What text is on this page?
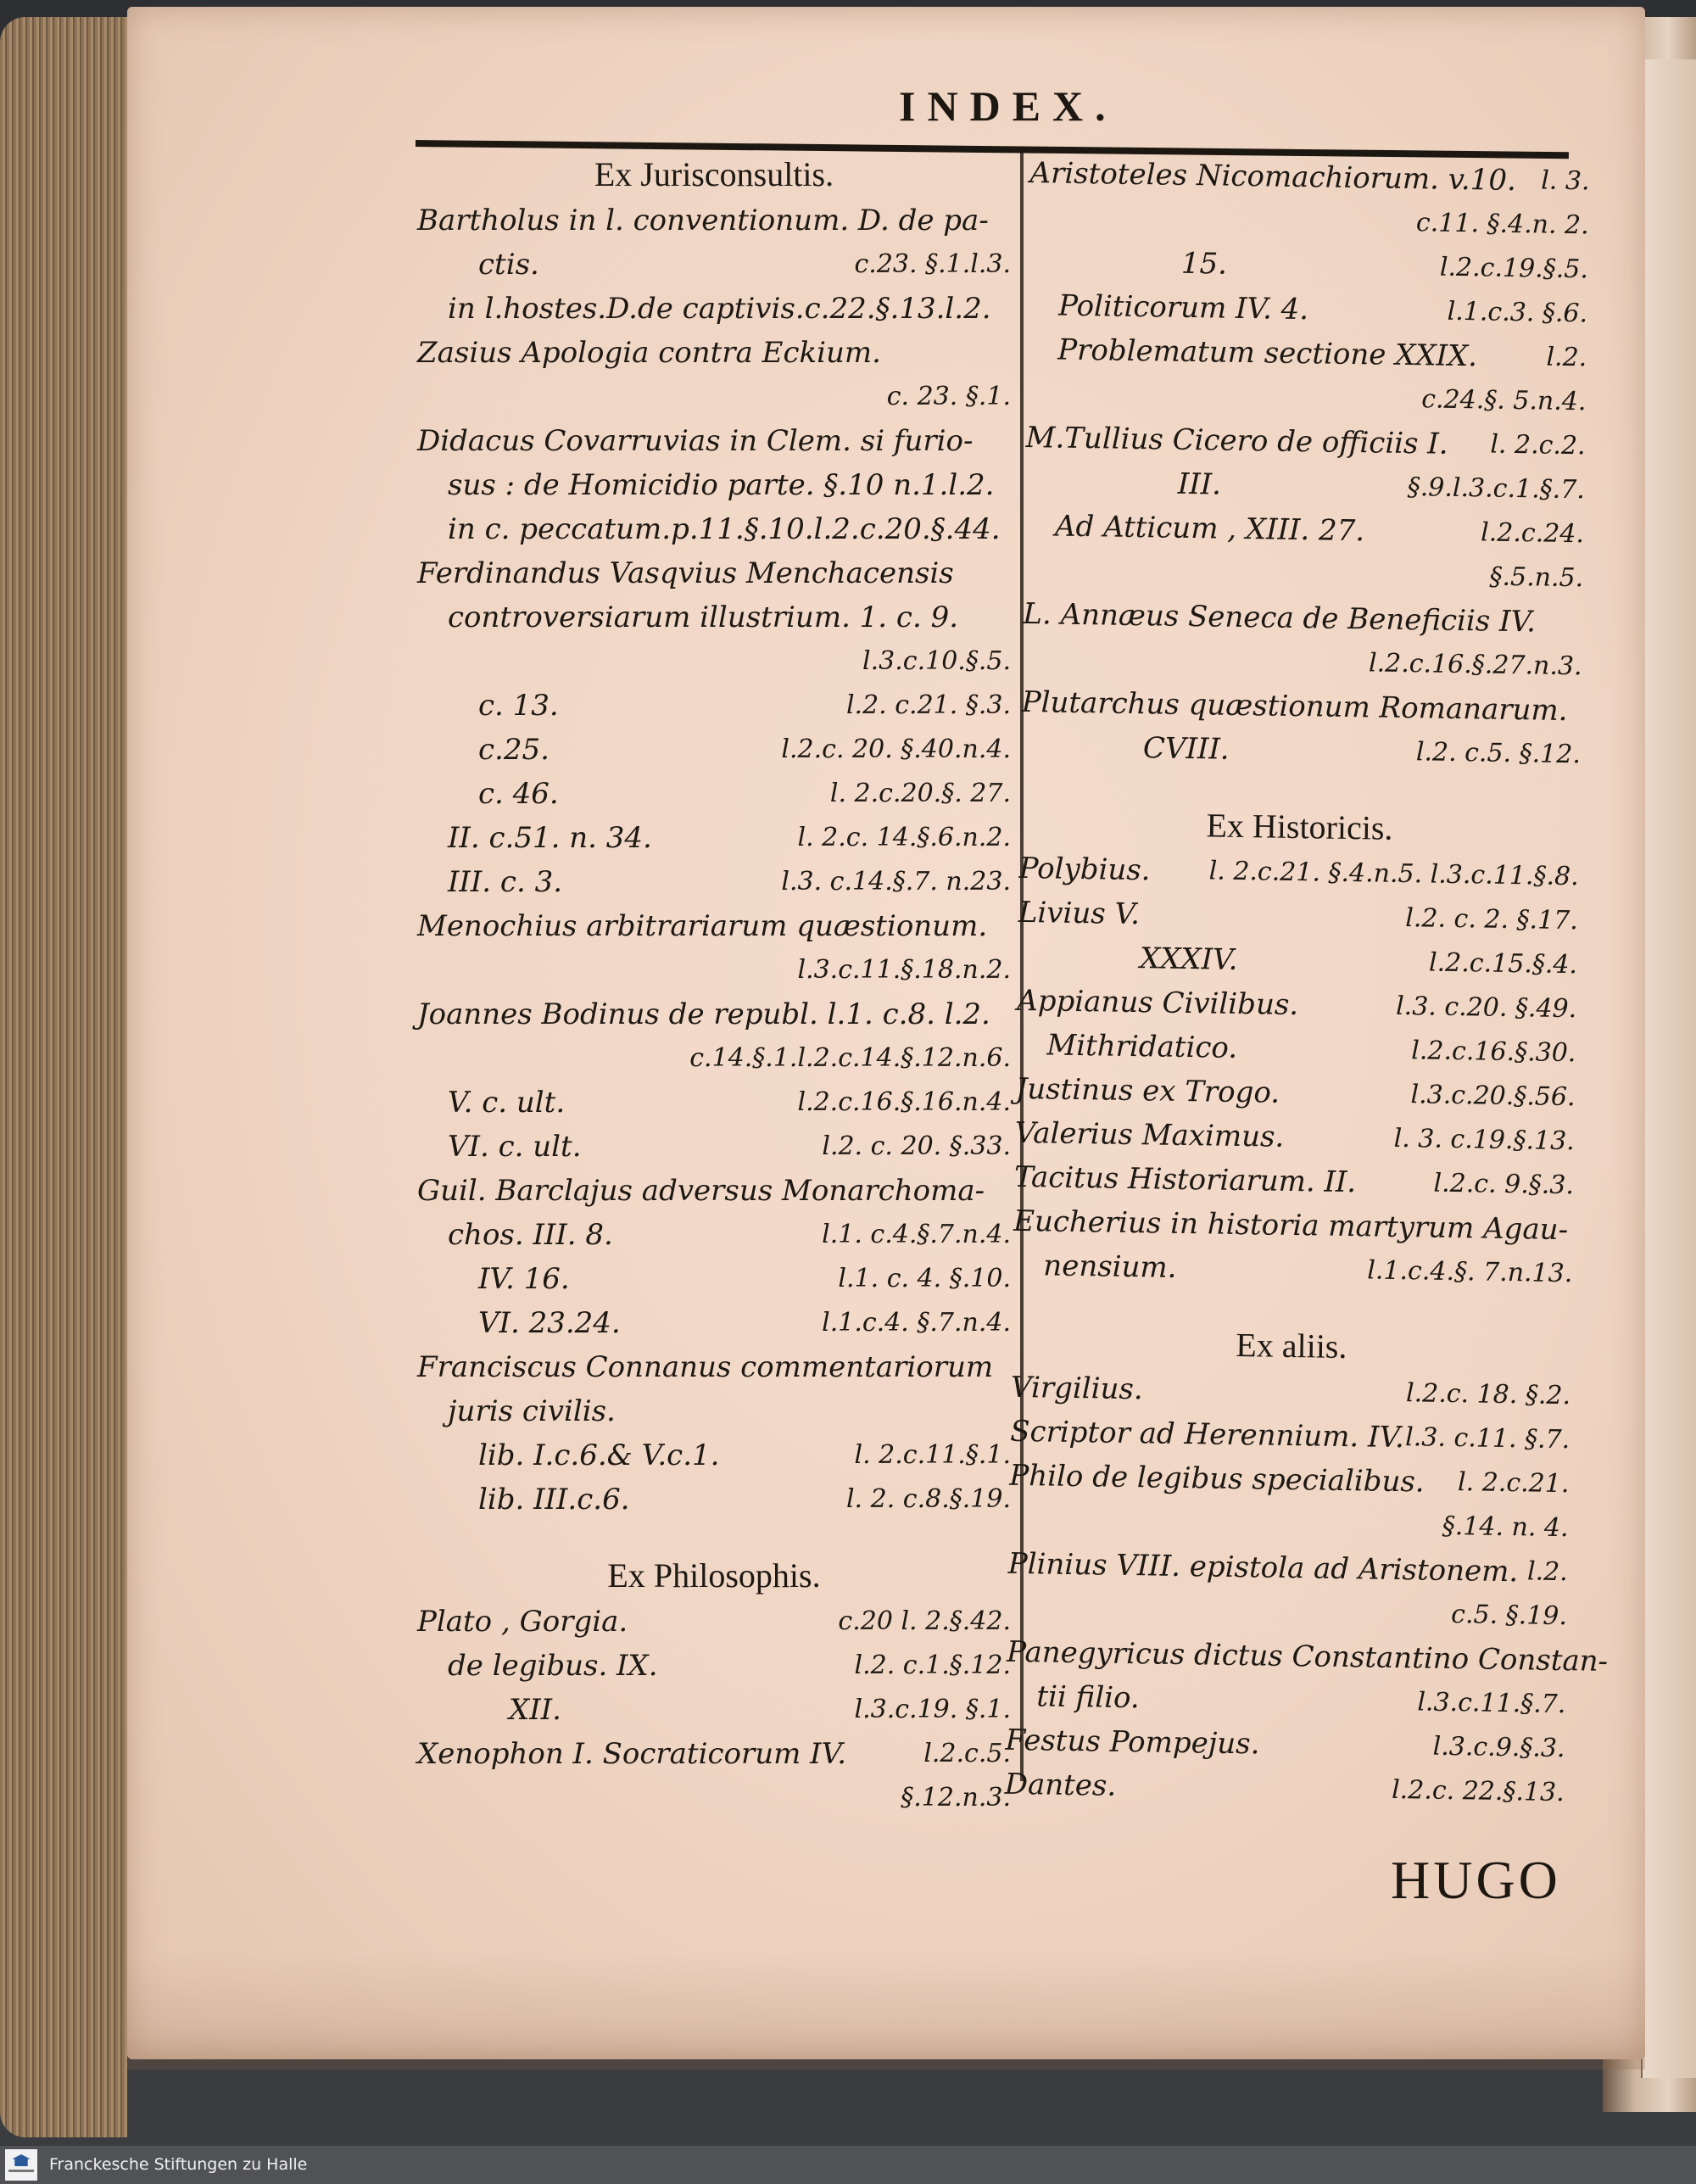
INDEX.
Ex Jurisconsultis.
Bartholus in l. conventionum. D. de pa-
ctis.	c.23. §.1.l.3.
in l.hostes.D.de captivis.c.22.§.13.l.2.
Zasius Apologia contra Eckium.
c. 23. §.1.
Didacus Covarruvias in Clem. si furio-
sus : de Homicidio parte. §.10 n.1.l.2.
in c. peccatum.p.11.§.10.l.2.c.20.§.44.
Ferdinandus Vasqvius Menchacensis
controversiarum illustrium. 1. c. 9.
l.3.c.10.§.5.
c. 13.	l.2. c.21. §.3.
c.25.	l.2.c. 20. §.40.n.4.
c. 46.	l. 2.c.20.§. 27.
II. c.51. n. 34.	l. 2.c. 14.§.6.n.2.
III. c. 3.	l.3. c.14.§.7. n.23.
Menochius arbitrariarum quæstionum.
l.3.c.11.§.18.n.2.
Joannes Bodinus de republ. l.1. c.8. l.2.
c.14.§.1.l.2.c.14.§.12.n.6.
V. c. ult.	l.2.c.16.§.16.n.4.
VI. c. ult.	l.2. c. 20. §.33.
Guil. Barclajus adversus Monarchoma-
chos. III. 8.	l.1. c.4.§.7.n.4.
IV. 16.	l.1. c. 4. §.10.
VI. 23.24.	l.1.c.4. §.7.n.4.
Franciscus Connanus commentariorum
juris civilis.
lib. I.c.6.& V.c.1.	l. 2.c.11.§.1.
lib. III.c.6.	l. 2. c.8.§.19.
Ex Philosophis.
Plato , Gorgia.	c.20 l. 2.§.42.
de legibus. IX.	l.2. c.1.§.12.
XII.	l.3.c.19. §.1.
Xenophon I. Socraticorum IV.	l.2.c.5.
§.12.n.3.
Aristoteles Nicomachiorum. v.10. l. 3.
c.11. §.4.n. 2.
15.	l.2.c.19.§.5.
Politicorum IV. 4.	l.1.c.3. §.6.
Problematum sectione XXIX.	l.2.
c.24.§. 5.n.4.
M.Tullius Cicero de officiis I. l. 2.c.2.
III.	§.9.l.3.c.1.§.7.
Ad Atticum , XIII. 27.	l.2.c.24.
§.5.n.5.
L. Annæus Seneca de Beneficiis IV.
l.2.c.16.§.27.n.3.
Plutarchus quæstionum Romanarum.
CVIII.	l.2. c.5. §.12.
Ex Historicis.
Polybius. l. 2.c.21. §.4.n.5. l.3.c.11.§.8.
Livius V.	l.2. c. 2. §.17.
XXXIV.	l.2.c.15.§.4.
Appianus Civilibus.	l.3. c.20. §.49.
Mithridatico.	l.2.c.16.§.30.
Justinus ex Trogo.	l.3.c.20.§.56.
Valerius Maximus.	l. 3. c.19.§.13.
Tacitus Historiarum. II.	l.2.c. 9.§.3.
Eucherius in historia martyrum Agau-
nensium.	l.1.c.4.§. 7.n.13.
Ex aliis.
Virgilius.	l.2.c. 18. §.2.
Scriptor ad Herennium. IV. l.3. c.11. §.7.
Philo de legibus specialibus. l. 2.c.21.
§.14. n. 4.
Plinius VIII. epistola ad Aristonem. l.2.
c.5. §.19.
Panegyricus dictus Constantino Constan-
tii filio.	l.3.c.11.§.7.
Festus Pompejus.	l.3.c.9.§.3.
Dantes.	l.2.c. 22.§.13.
HUGO
Franckesche Stiftungen zu Halle
